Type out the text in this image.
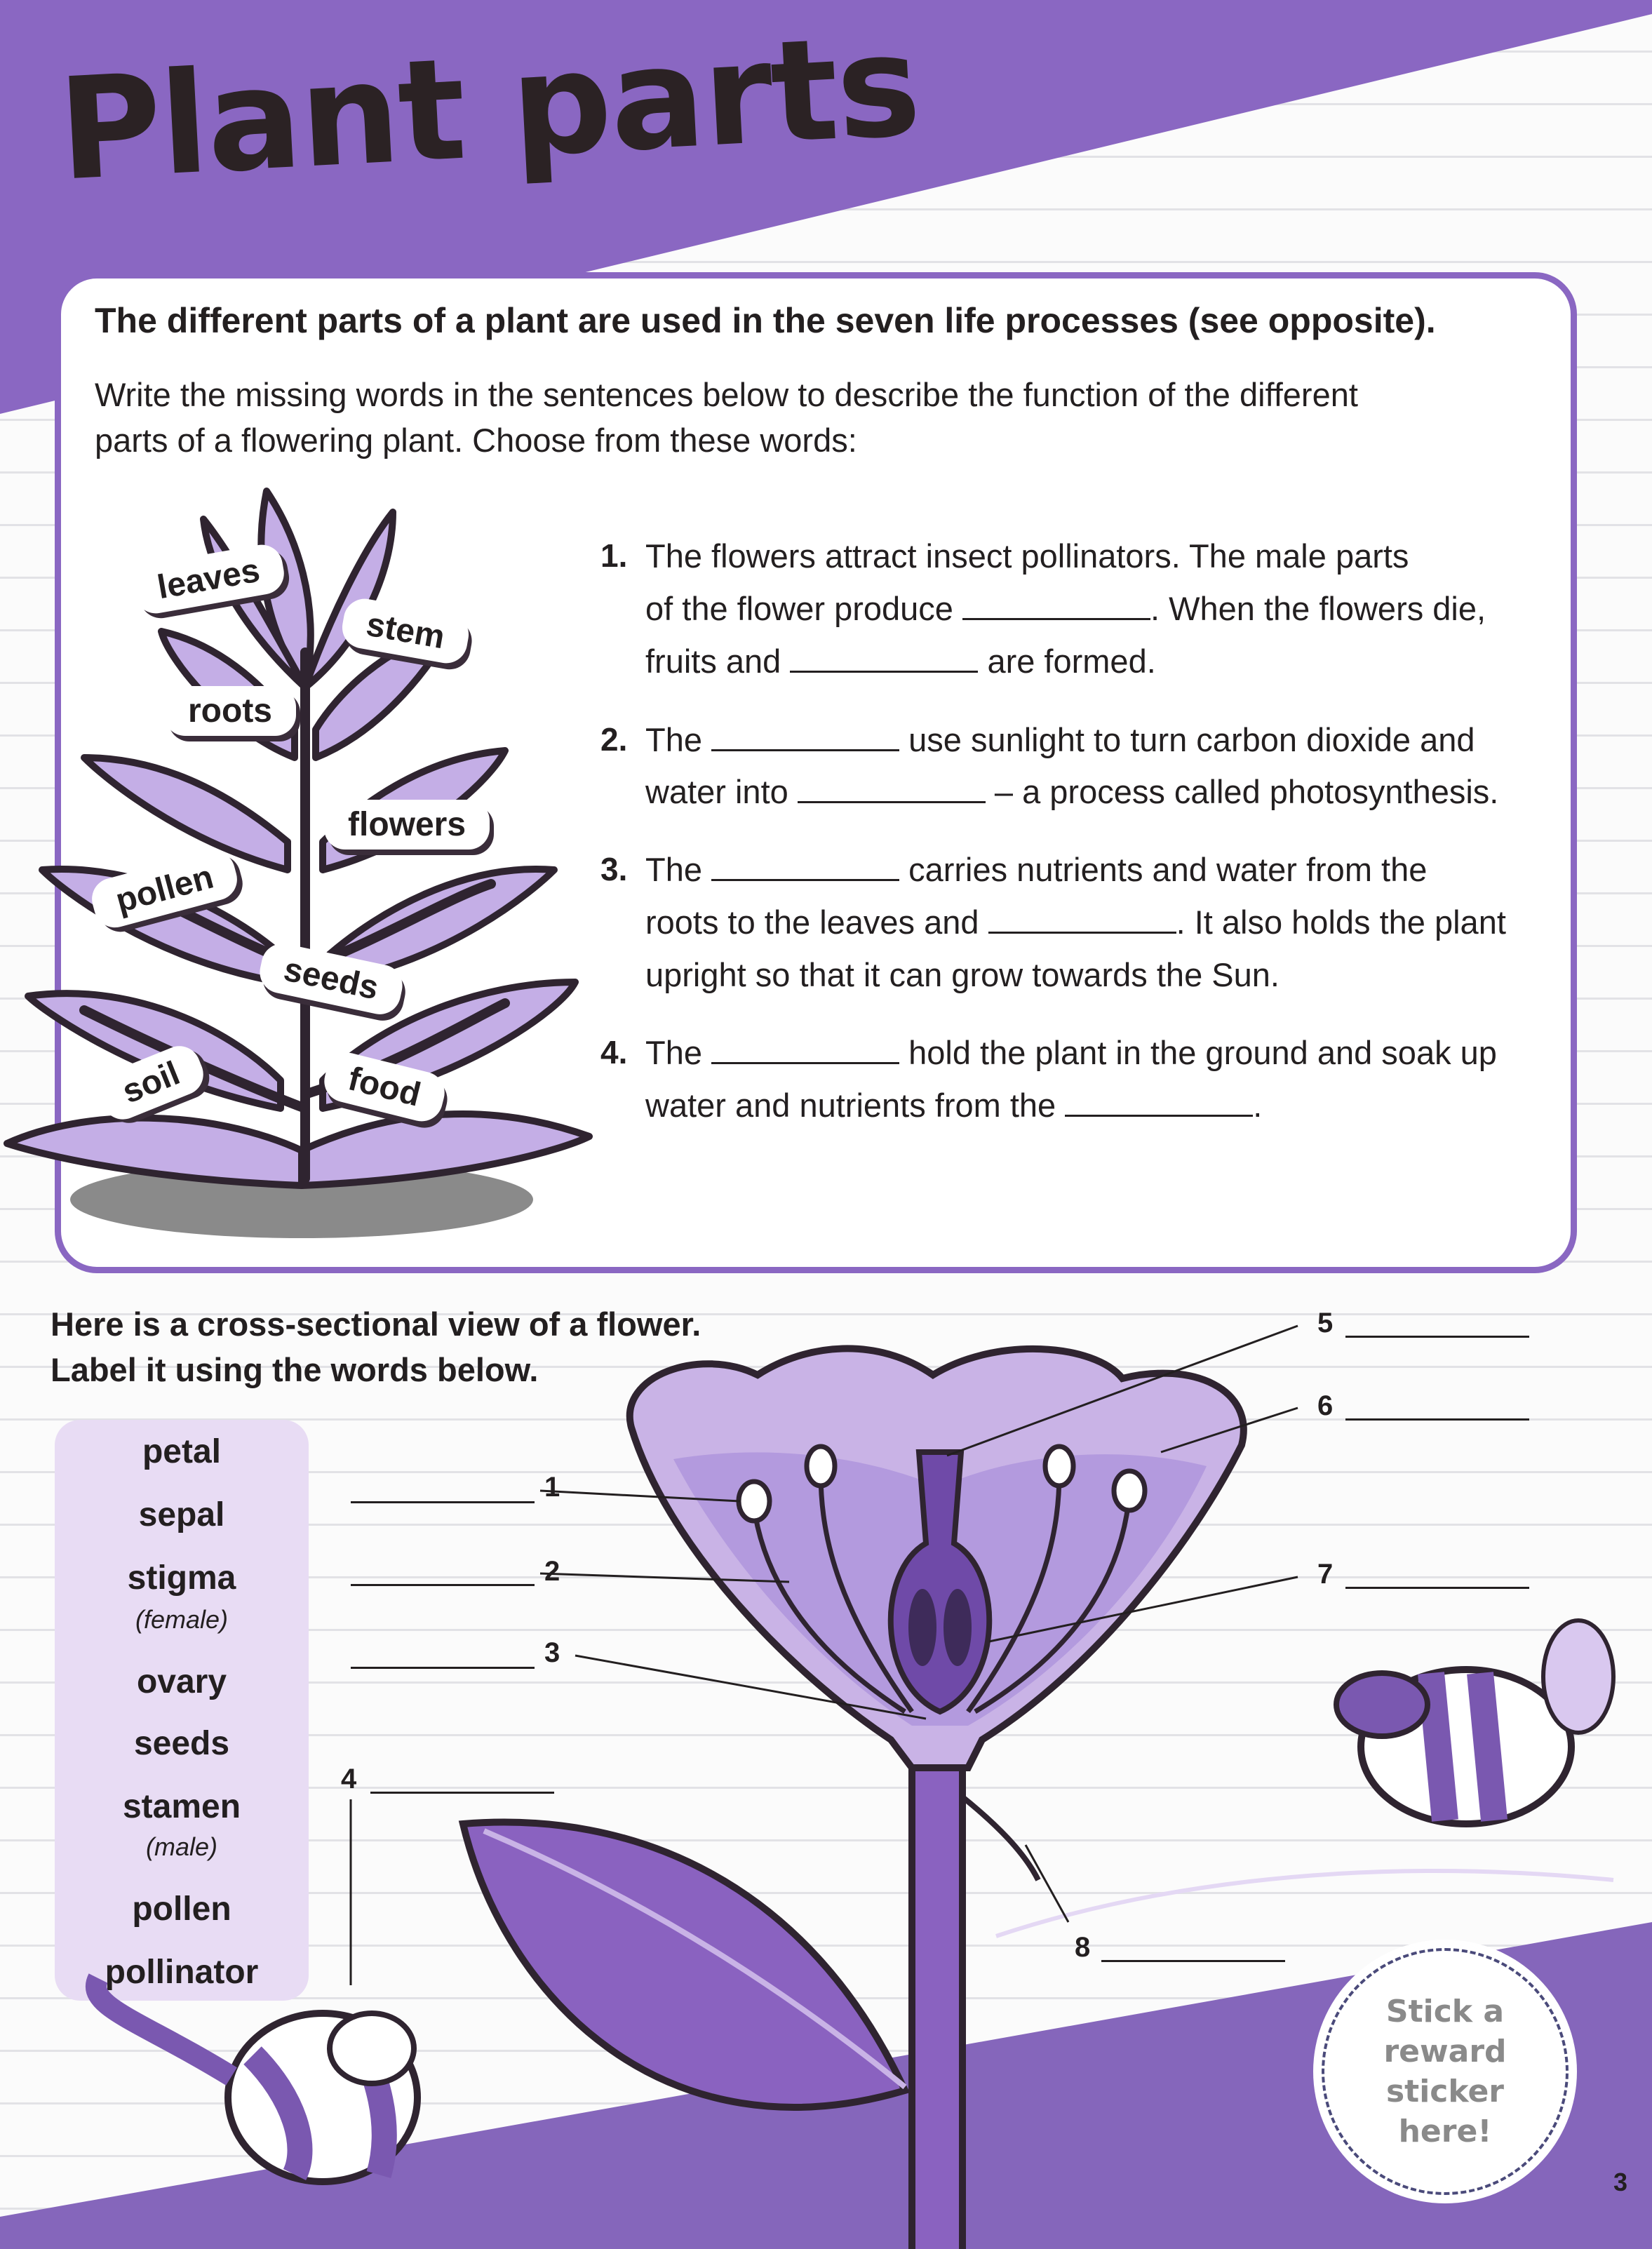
Plant parts
The different parts of a plant are used in the seven life processes (see opposite).
Write the missing words in the sentences below to describe the function of the different
parts of a flowering plant. Choose from these words:
leaves
stem
roots
flowers
pollen
seeds
soil	food
1. The flowers attract insect pollinators. The male parts
of the flower produce	. When the flowers die,
fruits and	are formed.
2. The	use sunlight to turn carbon dioxide and
water into	– a process called photosynthesis.
3. The	carries nutrients and water from the
roots to the leaves and	. It also holds the plant
upright so that it can grow towards the Sun.
4. The	hold the plant in the ground and soak up
water and nutrients from the	.
Here is a cross-sectional view of a flower.
Label it using the words below.
petal
sepal
stigma
(female)
ovary
seeds
stamen
(male)
pollen
pollinator
1
2
3
4
5
6
7
8
Stick a
reward sticker
here!
3
